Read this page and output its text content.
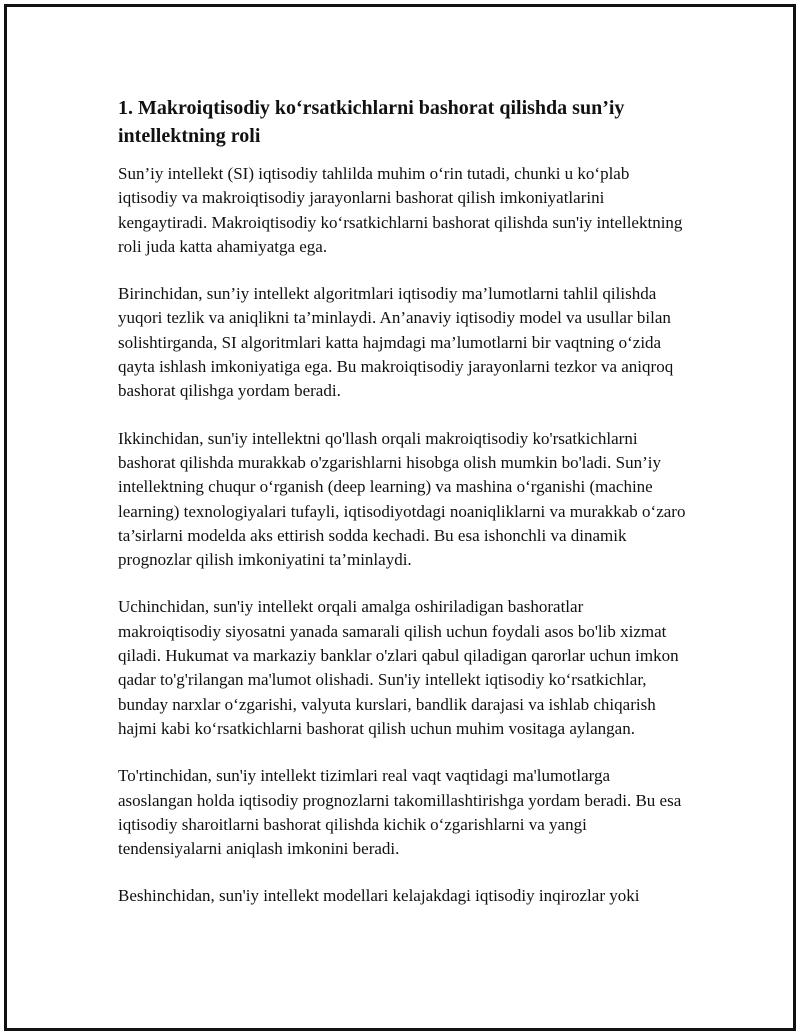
1. Makroiqtisodiy koʻrsatkichlarni bashorat qilishda sun’iy intellektning roli

Sun’iy intellekt (SI) iqtisodiy tahlilda muhim oʻrin tutadi, chunki u koʻplab iqtisodiy va makroiqtisodiy jarayonlarni bashorat qilish imkoniyatlarini kengaytiradi. Makroiqtisodiy koʻrsatkichlarni bashorat qilishda sun'iy intellektning roli juda katta ahamiyatga ega.

Birinchidan, sun’iy intellekt algoritmlari iqtisodiy ma’lumotlarni tahlil qilishda yuqori tezlik va aniqlikni ta’minlaydi. An’anaviy iqtisodiy model va usullar bilan solishtirganda, SI algoritmlari katta hajmdagi ma’lumotlarni bir vaqtning oʻzida qayta ishlash imkoniyatiga ega. Bu makroiqtisodiy jarayonlarni tezkor va aniqroq bashorat qilishga yordam beradi.

Ikkinchidan, sun'iy intellektni qo'llash orqali makroiqtisodiy ko'rsatkichlarni bashorat qilishda murakkab o'zgarishlarni hisobga olish mumkin bo'ladi. Sun’iy intellektning chuqur oʻrganish (deep learning) va mashina oʻrganishi (machine learning) texnologiyalari tufayli, iqtisodiyotdagi noaniqliklarni va murakkab oʻzaro ta’sirlarni modelda aks ettirish sodda kechadi. Bu esa ishonchli va dinamik prognozlar qilish imkoniyatini ta’minlaydi.

Uchinchidan, sun'iy intellekt orqali amalga oshiriladigan bashoratlar makroiqtisodiy siyosatni yanada samarali qilish uchun foydali asos bo'lib xizmat qiladi. Hukumat va markaziy banklar o'zlari qabul qiladigan qarorlar uchun imkon qadar to'g'rilangan ma'lumot olishadi. Sun'iy intellekt iqtisodiy koʻrsatkichlar, bunday narxlar oʻzgarishi, valyuta kurslari, bandlik darajasi va ishlab chiqarish hajmi kabi koʻrsatkichlarni bashorat qilish uchun muhim vositaga aylangan.

To'rtinchidan, sun'iy intellekt tizimlari real vaqt vaqtidagi ma'lumotlarga asoslangan holda iqtisodiy prognozlarni takomillashtirishga yordam beradi. Bu esa iqtisodiy sharoitlarni bashorat qilishda kichik oʻzgarishlarni va yangi tendensiyalarni aniqlash imkonini beradi.

Beshinchidan, sun'iy intellekt modellari kelajakdagi iqtisodiy inqirozlar yoki
